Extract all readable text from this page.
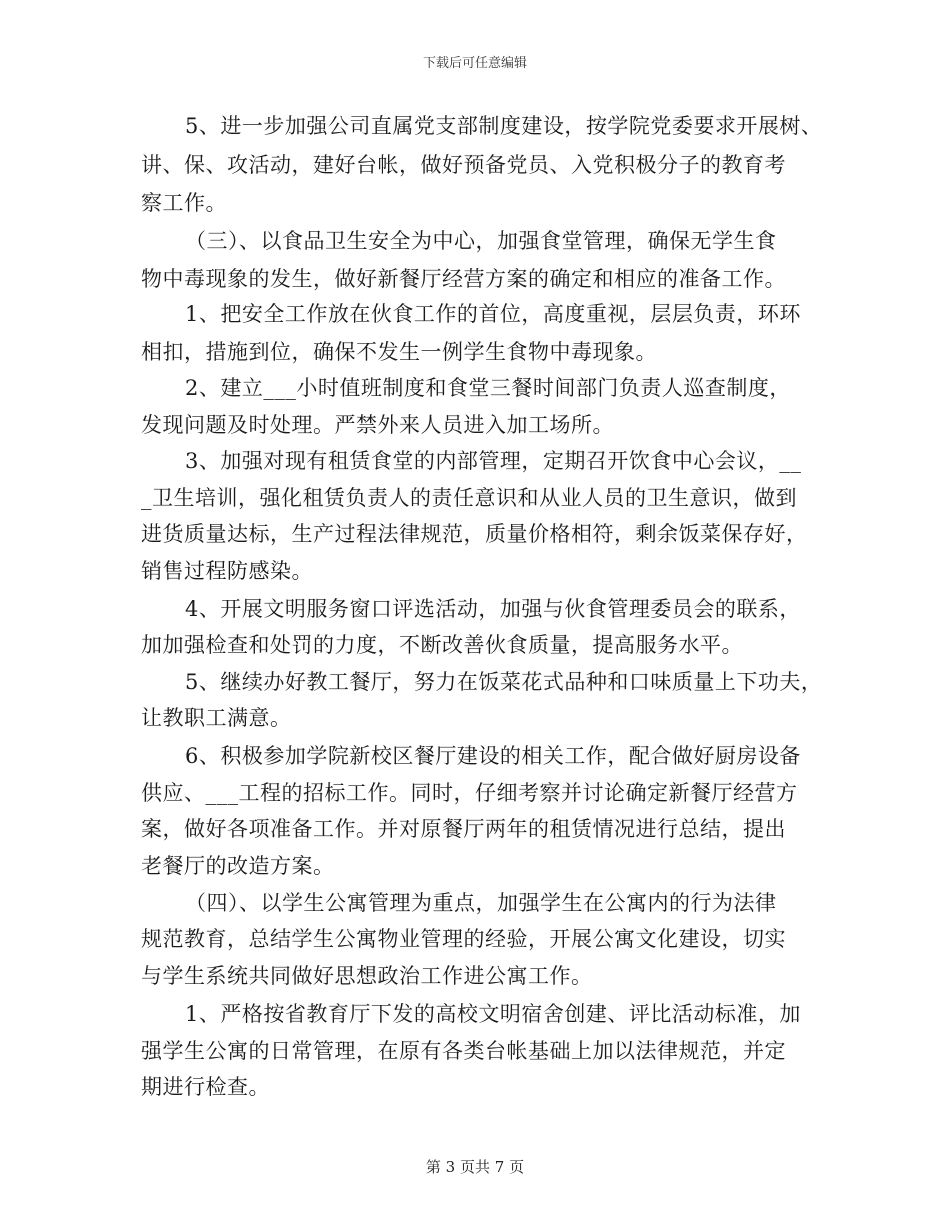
下载后可任意编辑
5、进一步加强公司直属党支部制度建设，按学院党委要求开展树、
讲、保、攻活动，建好台帐，做好预备党员、入党积极分子的教育考
察工作。
（三）、以食品卫生安全为中心，加强食堂管理，确保无学生食
物中毒现象的发生，做好新餐厅经营方案的确定和相应的准备工作。
1、把安全工作放在伙食工作的首位，高度重视，层层负责，环环
相扣，措施到位，确保不发生一例学生食物中毒现象。
2、建立___小时值班制度和食堂三餐时间部门负责人巡查制度，
发现问题及时处理。严禁外来人员进入加工场所。
3、加强对现有租赁食堂的内部管理，定期召开饮食中心会议，__
_卫生培训，强化租赁负责人的责任意识和从业人员的卫生意识，做到
进货质量达标，生产过程法律规范，质量价格相符，剩余饭菜保存好，
销售过程防感染。
4、开展文明服务窗口评选活动，加强与伙食管理委员会的联系，
加加强检查和处罚的力度，不断改善伙食质量，提高服务水平。
5、继续办好教工餐厅，努力在饭菜花式品种和口味质量上下功夫，
让教职工满意。
6、积极参加学院新校区餐厅建设的相关工作，配合做好厨房设备
供应、___工程的招标工作。同时，仔细考察并讨论确定新餐厅经营方
案，做好各项准备工作。并对原餐厅两年的租赁情况进行总结，提出
老餐厅的改造方案。
（四）、以学生公寓管理为重点，加强学生在公寓内的行为法律
规范教育，总结学生公寓物业管理的经验，开展公寓文化建设，切实
与学生系统共同做好思想政治工作进公寓工作。
1、严格按省教育厅下发的高校文明宿舍创建、评比活动标准，加
强学生公寓的日常管理，在原有各类台帐基础上加以法律规范，并定
期进行检查。
第 3 页共 7 页
